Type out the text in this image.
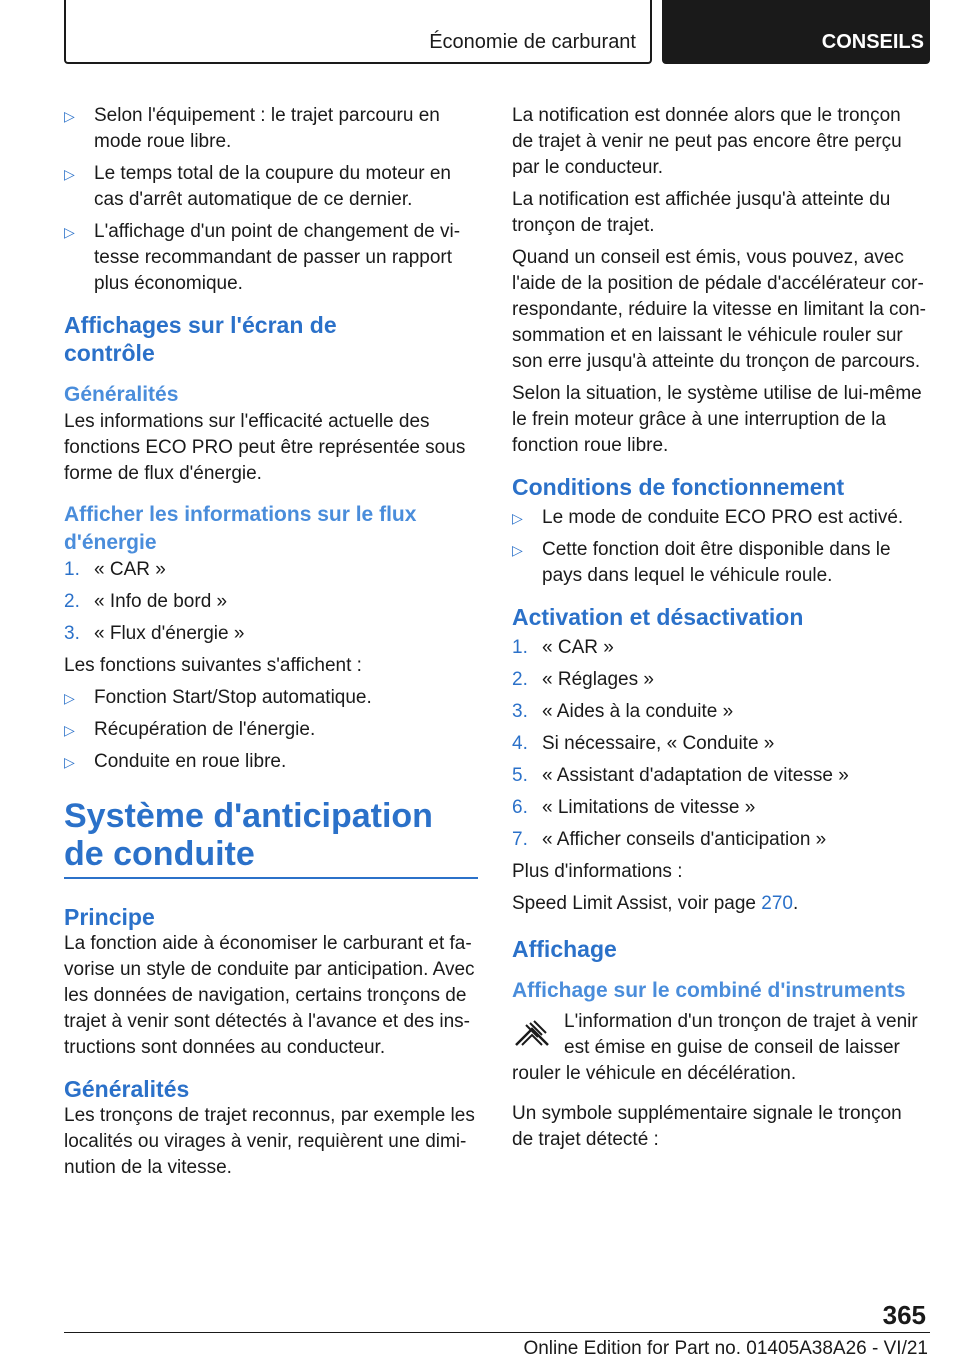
Économie de carburant	CONSEILS
▷ Selon l'équipement : le trajet parcouru en mode roue libre.
▷ Le temps total de la coupure du moteur en cas d'arrêt automatique de ce dernier.
▷ L'affichage d'un point de changement de vi-tesse recommandant de passer un rapport plus économique.
Affichages sur l'écran de contrôle
Généralités

Les informations sur l'efficacité actuelle des fonctions ECO PRO peut être représentée sous forme de flux d'énergie.

Afficher les informations sur le flux d'énergie
1. « CAR »
2. « Info de bord »
3. « Flux d'énergie »

Les fonctions suivantes s'affichent :

▷ Fonction Start/Stop automatique.
▷ Récupération de l'énergie.
▷ Conduite en roue libre.
Système d'anticipation de conduite
Principe

La fonction aide à économiser le carburant et fa-vorise un style de conduite par anticipation. Avec les données de navigation, certains tronçons de trajet à venir sont détectés à l'avance et des ins-tructions sont données au conducteur.

Généralités

Les tronçons de trajet reconnus, par exemple les localités ou virages à venir, requièrent une dimi-nution de la vitesse.

La notification est donnée alors que le tronçon de trajet à venir ne peut pas encore être perçu par le conducteur.

La notification est affichée jusqu'à atteinte du tronçon de trajet.

Quand un conseil est émis, vous pouvez, avec l'aide de la position de pédale d'accélérateur cor-respondante, réduire la vitesse en limitant la con-sommation et en laissant le véhicule rouler sur son erre jusqu'à atteinte du tronçon de parcours.

Selon la situation, le système utilise de lui-même le frein moteur grâce à une interruption de la fonction roue libre.

Conditions de fonctionnement
▷ Le mode de conduite ECO PRO est activé.
▷ Cette fonction doit être disponible dans le pays dans lequel le véhicule roule.
Activation et désactivation
1. « CAR »
2. « Réglages »
3. « Aides à la conduite »
4. Si nécessaire, « Conduite »
5. « Assistant d'adaptation de vitesse »
6. « Limitations de vitesse »
7. « Afficher conseils d'anticipation »

Plus d'informations :

Speed Limit Assist, voir page 270.

Affichage
Affichage sur le combiné d'instruments

L'information d'un tronçon de trajet à venir est émise en guise de conseil de laisser

rouler le véhicule en décélération.

Un symbole supplémentaire signale le tronçon de trajet détecté :

365
Online Edition for Part no. 01405A38A26 - VI/21
